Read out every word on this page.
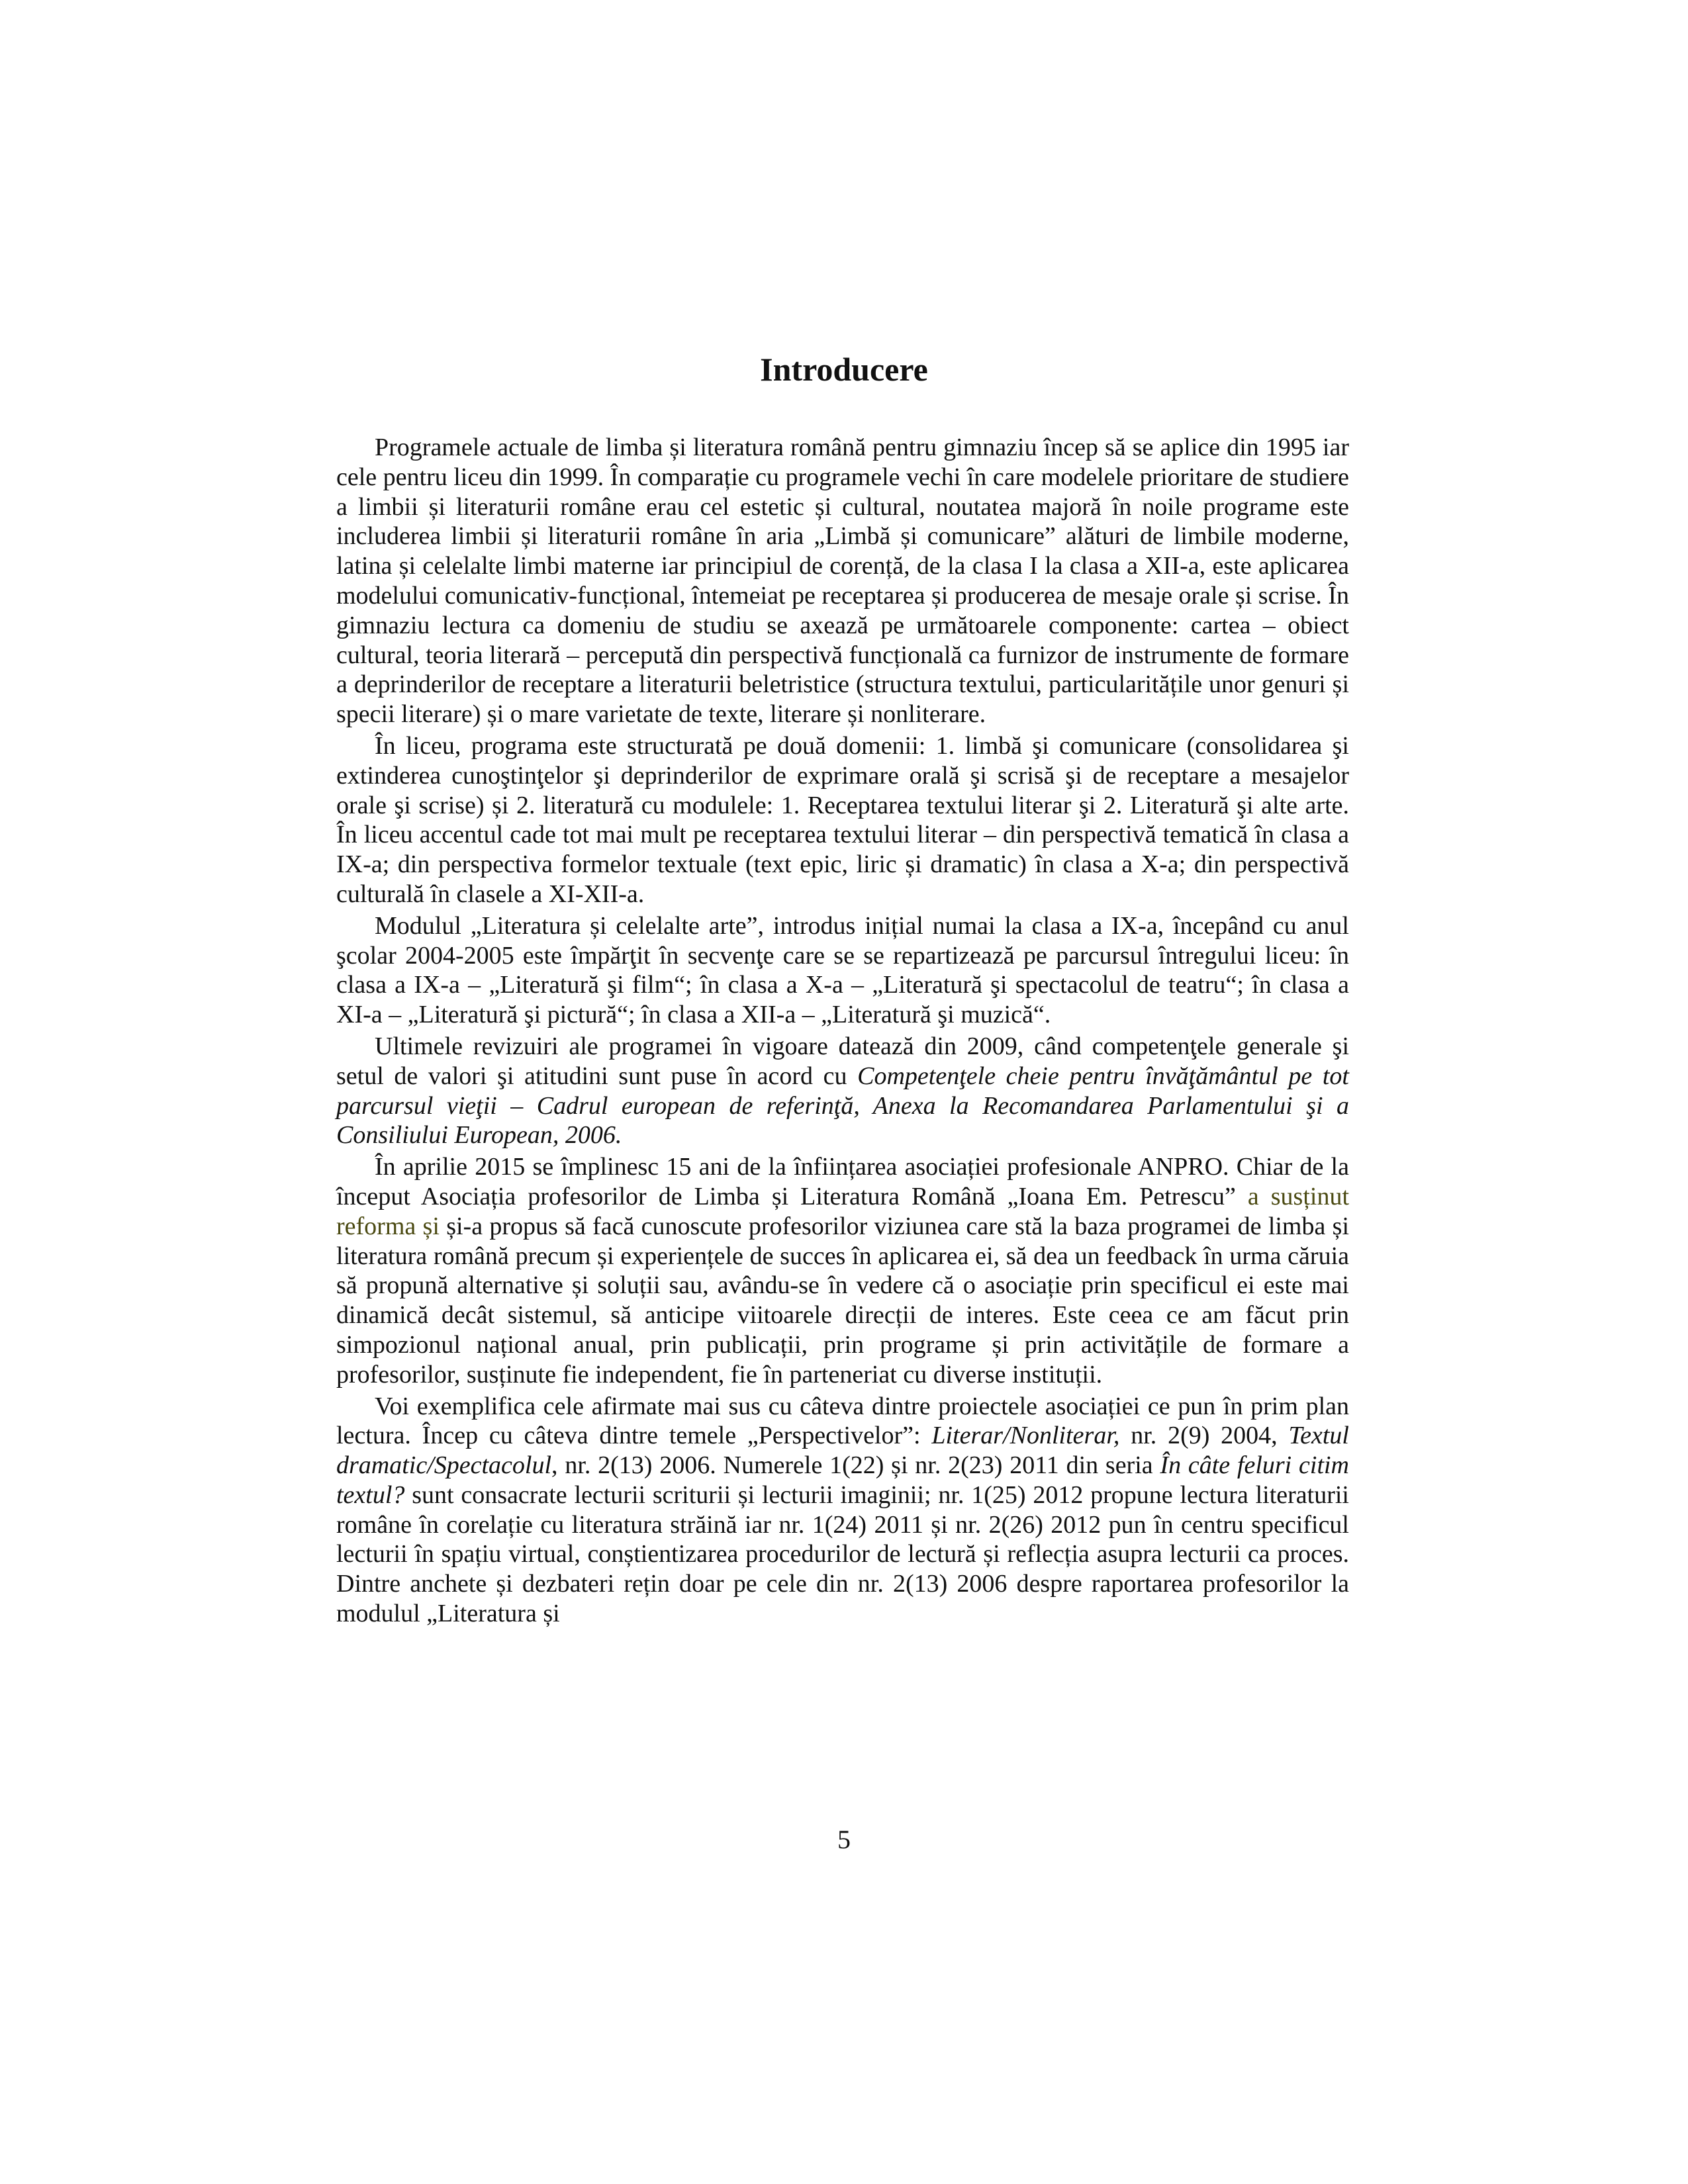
Introducere

Programele actuale de limba și literatura română pentru gimnaziu încep să se aplice din 1995 iar cele pentru liceu din 1999. În comparație cu programele vechi în care modelele prioritare de studiere a limbii și literaturii române erau cel estetic și cultural, noutatea majoră în noile programe este includerea limbii și literaturii române în aria „Limbă și comunicare” alături de limbile moderne, latina și celelalte limbi materne iar principiul de corență, de la clasa I la clasa a XII-a, este aplicarea modelului comunicativ-funcțional, întemeiat pe receptarea și producerea de mesaje orale și scrise. În gimnaziu lectura ca domeniu de studiu se axează pe următoarele componente: cartea – obiect cultural, teoria literară – percepută din perspectivă funcțională ca furnizor de instrumente de formare a deprinderilor de receptare a literaturii beletristice (structura textului, particularitățile unor genuri și specii literare) și o mare varietate de texte, literare și nonliterare.

În liceu, programa este structurată pe două domenii: 1. limbă şi comunicare (consolidarea şi extinderea cunoştinţelor şi deprinderilor de exprimare orală şi scrisă şi de receptare a mesajelor orale şi scrise) și 2. literatură cu modulele: 1. Receptarea textului literar şi 2. Literatură şi alte arte. În liceu accentul cade tot mai mult pe receptarea textului literar – din perspectivă tematică în clasa a IX-a; din perspectiva formelor textuale (text epic, liric și dramatic) în clasa a X-a; din perspectivă culturală în clasele a XI-XII-a.

Modulul „Literatura și celelalte arte”, introdus inițial numai la clasa a IX-a, începând cu anul şcolar 2004-2005 este împărţit în secvenţe care se se repartizează pe parcursul întregului liceu: în clasa a IX-a – „Literatură şi film“; în clasa a X-a – „Literatură şi spectacolul de teatru“; în clasa a XI-a – „Literatură şi pictură“; în clasa a XII-a – „Literatură şi muzică“.

Ultimele revizuiri ale programei în vigoare datează din 2009, când competenţele generale şi setul de valori şi atitudini sunt puse în acord cu Competenţele cheie pentru învăţământul pe tot parcursul vieţii – Cadrul european de referinţă, Anexa la Recomandarea Parlamentului şi a Consiliului European, 2006.

În aprilie 2015 se împlinesc 15 ani de la înființarea asociației profesionale ANPRO. Chiar de la început Asociația profesorilor de Limba și Literatura Română „Ioana Em. Petrescu” a susținut reforma și și-a propus să facă cunoscute profesorilor viziunea care stă la baza programei de limba și literatura română precum și experiențele de succes în aplicarea ei, să dea un feedback în urma căruia să propună alternative și soluții sau, avându-se în vedere că o asociație prin specificul ei este mai dinamică decât sistemul, să anticipe viitoarele direcții de interes. Este ceea ce am făcut prin simpozionul național anual, prin publicații, prin programe și prin activitățile de formare a profesorilor, susținute fie independent, fie în parteneriat cu diverse instituții.

Voi exemplifica cele afirmate mai sus cu câteva dintre proiectele asociației ce pun în prim plan lectura. Încep cu câteva dintre temele „Perspectivelor”: Literar/Nonliterar, nr. 2(9) 2004, Textul dramatic/Spectacolul, nr. 2(13) 2006. Numerele 1(22) și nr. 2(23) 2011 din seria În câte feluri citim textul? sunt consacrate lecturii scriturii și lecturii imaginii; nr. 1(25) 2012 propune lectura literaturii române în corelație cu literatura străină iar nr. 1(24) 2011 și nr. 2(26) 2012 pun în centru specificul lecturii în spațiu virtual, conștientizarea procedurilor de lectură și reflecția asupra lecturii ca proces. Dintre anchete și dezbateri rețin doar pe cele din nr. 2(13) 2006 despre raportarea profesorilor la modulul „Literatura și

5
